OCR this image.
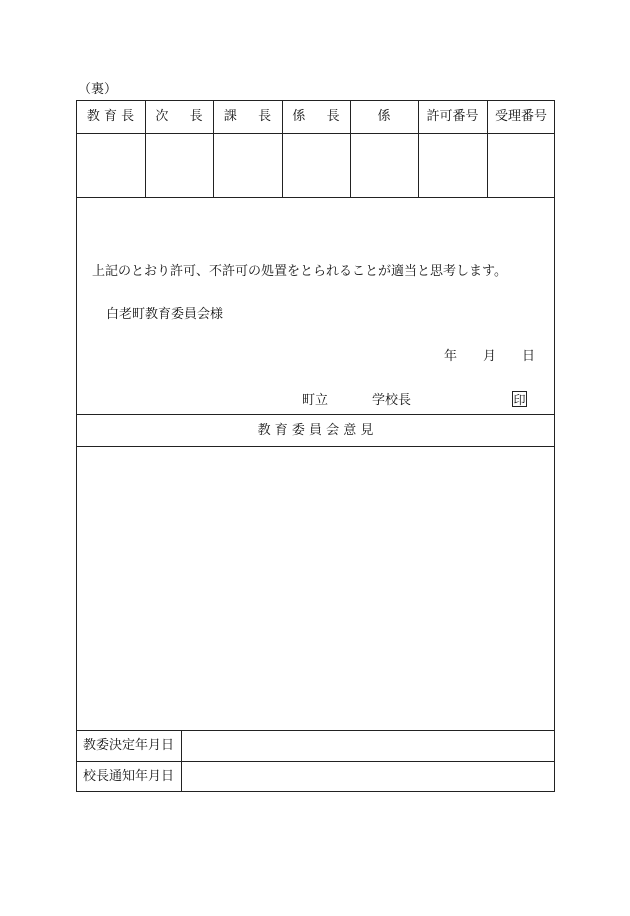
（裏）
教 育 長	次 　 長	課 　 長	係 　 長	係	許可番号	受理番号
上記のとおり許可、不許可の処置をとられることが適当と思考します。
白老町教育委員会様
年　　月　　日
町立	学校長	印
教 育 委 員 会 意 見
教委決定年月日
校長通知年月日
